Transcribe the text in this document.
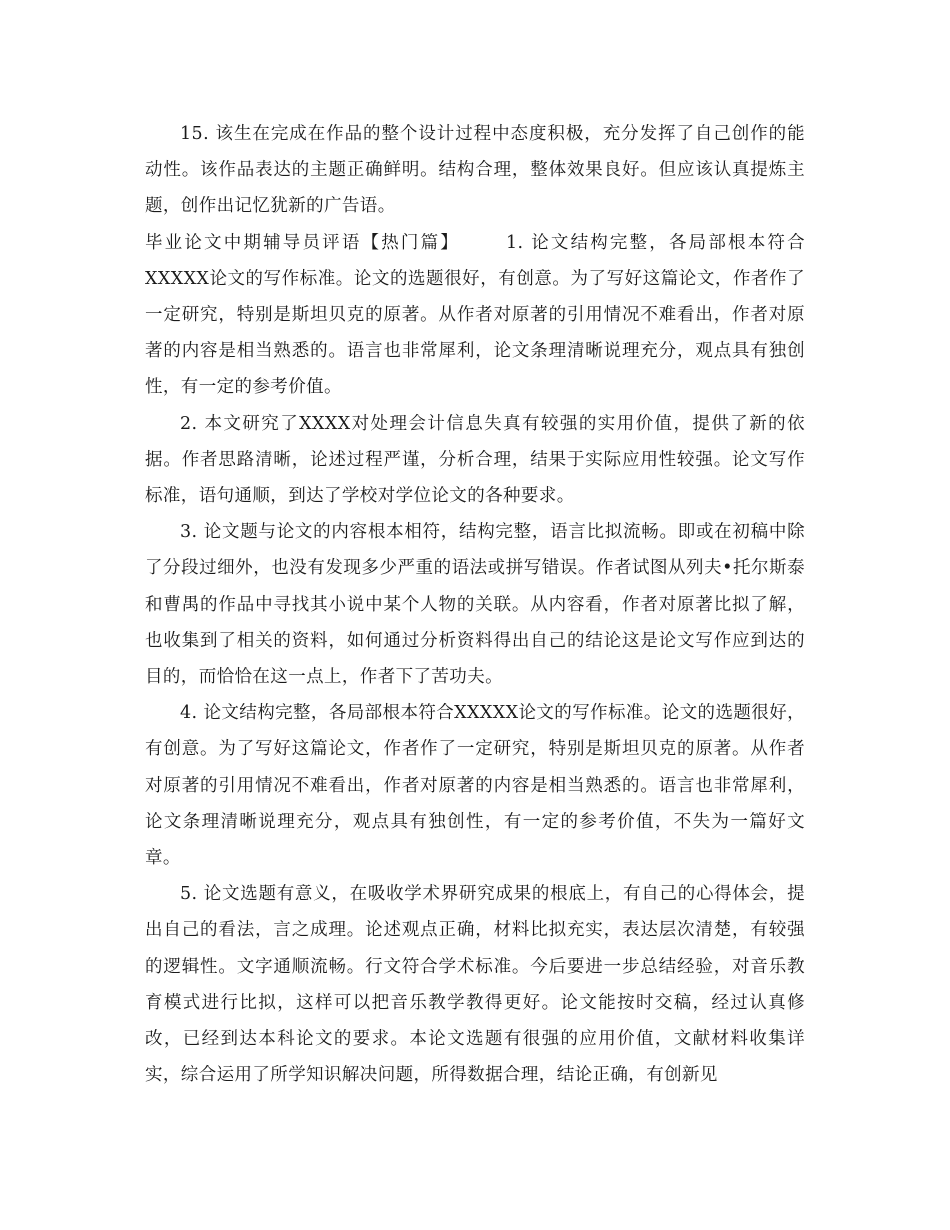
15. 该生在完成在作品的整个设计过程中态度积极，充分发挥了自己创作的能动性。该作品表达的主题正确鲜明。结构合理，整体效果良好。但应该认真提炼主题，创作出记忆犹新的广告语。

毕业论文中期辅导员评语【热门篇】	1. 论文结构完整，各局部根本符合XXXXX论文的写作标准。论文的选题很好，有创意。为了写好这篇论文，作者作了一定研究，特别是斯坦贝克的原著。从作者对原著的引用情况不难看出，作者对原著的内容是相当熟悉的。语言也非常犀利，论文条理清晰说理充分，观点具有独创性，有一定的参考价值。

2. 本文研究了XXXX对处理会计信息失真有较强的实用价值，提供了新的依据。作者思路清晰，论述过程严谨，分析合理，结果于实际应用性较强。论文写作标准，语句通顺，到达了学校对学位论文的各种要求。

3. 论文题与论文的内容根本相符，结构完整，语言比拟流畅。即或在初稿中除了分段过细外，也没有发现多少严重的语法或拼写错误。作者试图从列夫•托尔斯泰和曹禺的作品中寻找其小说中某个人物的关联。从内容看，作者对原著比拟了解，也收集到了相关的资料，如何通过分析资料得出自己的结论这是论文写作应到达的目的，而恰恰在这一点上，作者下了苦功夫。

4. 论文结构完整，各局部根本符合XXXXX论文的写作标准。论文的选题很好，有创意。为了写好这篇论文，作者作了一定研究，特别是斯坦贝克的原著。从作者对原著的引用情况不难看出，作者对原著的内容是相当熟悉的。语言也非常犀利，论文条理清晰说理充分，观点具有独创性，有一定的参考价值，不失为一篇好文章。

5. 论文选题有意义，在吸收学术界研究成果的根底上，有自己的心得体会，提出自己的看法，言之成理。论述观点正确，材料比拟充实，表达层次清楚，有较强的逻辑性。文字通顺流畅。行文符合学术标准。今后要进一步总结经验，对音乐教育模式进行比拟，这样可以把音乐教学教得更好。论文能按时交稿，经过认真修改，已经到达本科论文的要求。本论文选题有很强的应用价值，文献材料收集详实，综合运用了所学知识解决问题，所得数据合理，结论正确，有创新见
